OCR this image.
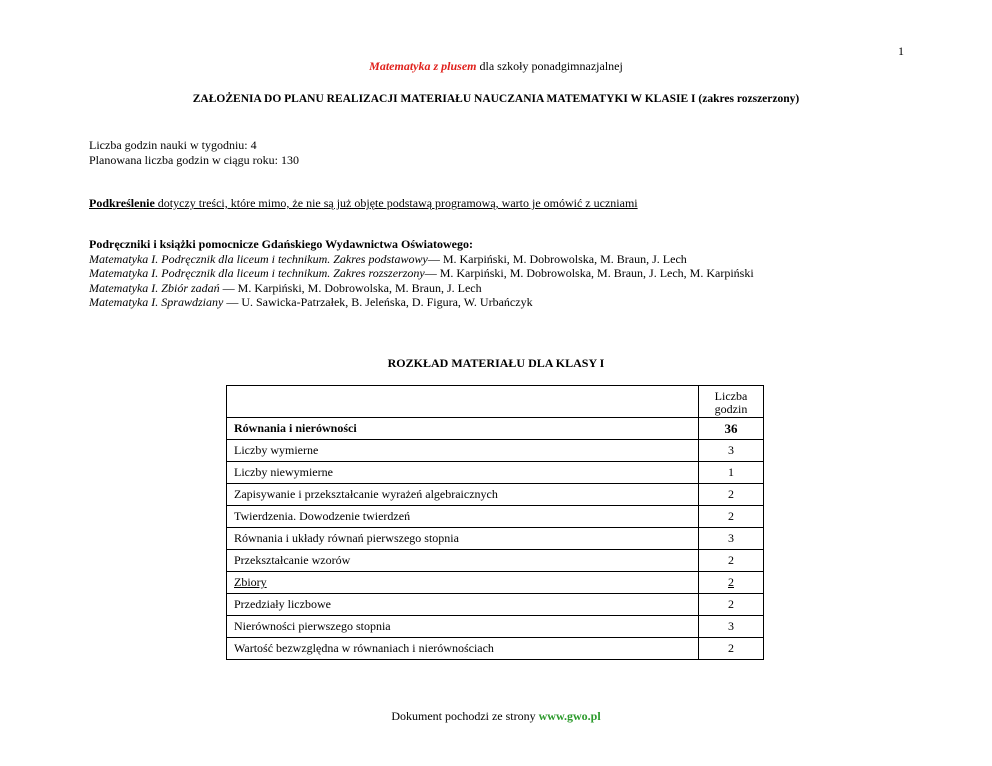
1
Matematyka z plusem dla szkoły ponadgimnazjalnej
ZAŁOŻENIA DO PLANU REALIZACJI MATERIAŁU NAUCZANIA MATEMATYKI W KLASIE I (zakres rozszerzony)
Liczba godzin nauki w tygodniu: 4
Planowana liczba godzin w ciągu roku: 130
Podkreślenie dotyczy treści, które mimo, że nie są już objęte podstawą programową, warto je omówić z uczniami
Podręczniki i książki pomocnicze Gdańskiego Wydawnictwa Oświatowego:
Matematyka I. Podręcznik dla liceum i technikum. Zakres podstawowy— M. Karpiński, M. Dobrowolska, M. Braun, J. Lech
Matematyka I. Podręcznik dla liceum i technikum. Zakres rozszerzony— M. Karpiński, M. Dobrowolska, M. Braun, J. Lech, M. Karpiński
Matematyka I. Zbiór zadań — M. Karpiński, M. Dobrowolska, M. Braun, J. Lech
Matematyka I. Sprawdziany — U. Sawicka-Patrzałek, B. Jeleńska, D. Figura, W. Urbańczyk
ROZKŁAD MATERIAŁU DLA KLASY I

	Liczba
godzin

Równania i nierówności	36
Liczby wymierne	3
Liczby niewymierne	1
Zapisywanie i przekształcanie wyrażeń algebraicznych	2
Twierdzenia. Dowodzenie twierdzeń	2
Równania i układy równań pierwszego stopnia	3
Przekształcanie wzorów	2
Zbiory	2
Przedziały liczbowe	2
Nierówności pierwszego stopnia	3
Wartość bezwzględna w równaniach i nierównościach	2
Dokument pochodzi ze strony www.gwo.pl
